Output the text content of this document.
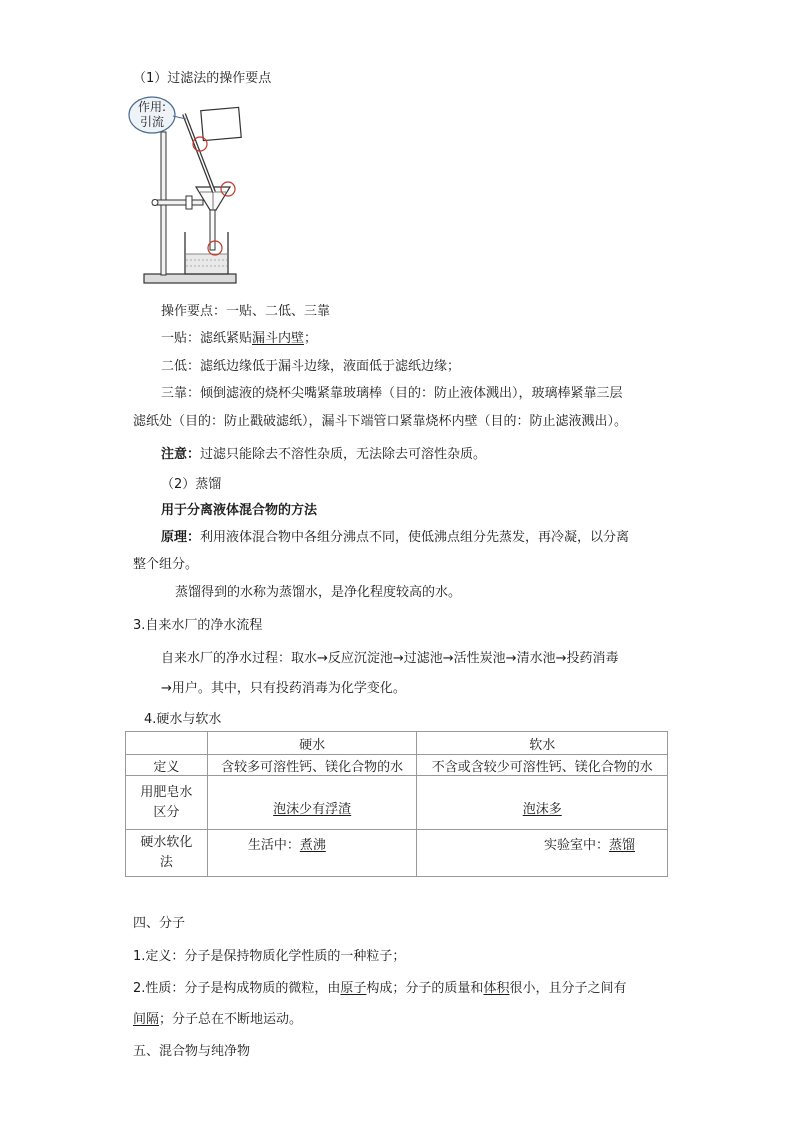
（1）过滤法的操作要点
作用:
引流
操作要点：一贴、二低、三靠
一贴：滤纸紧贴漏斗内壁；
二低：滤纸边缘低于漏斗边缘，液面低于滤纸边缘；
三靠：倾倒滤液的烧杯尖嘴紧靠玻璃棒（目的：防止液体溅出），玻璃棒紧靠三层
滤纸处（目的：防止戳破滤纸），漏斗下端管口紧靠烧杯内壁（目的：防止滤液溅出）。
注意：过滤只能除去不溶性杂质，无法除去可溶性杂质。
（2）蒸馏
用于分离液体混合物的方法
原理：利用液体混合物中各组分沸点不同，使低沸点组分先蒸发，再冷凝，以分离
整个组分。
蒸馏得到的水称为蒸馏水，是净化程度较高的水。
3.自来水厂的净水流程
自来水厂的净水过程：取水→反应沉淀池→过滤池→活性炭池→清水池→投药消毒
→用户。其中，只有投药消毒为化学变化。
4.硬水与软水
	硬水	软水
定义	含较多可溶性钙、镁化合物的水	不含或含较少可溶性钙、镁化合物的水

用肥皂水
区分	泡沫少有浮渣	泡沫多

硬水软化
法	生活中：煮沸	实验室中：蒸馏
四、分子
1.定义：分子是保持物质化学性质的一种粒子；
2.性质：分子是构成物质的微粒，由原子构成；分子的质量和体积很小，且分子之间有
间隔；分子总在不断地运动。
五、混合物与纯净物
